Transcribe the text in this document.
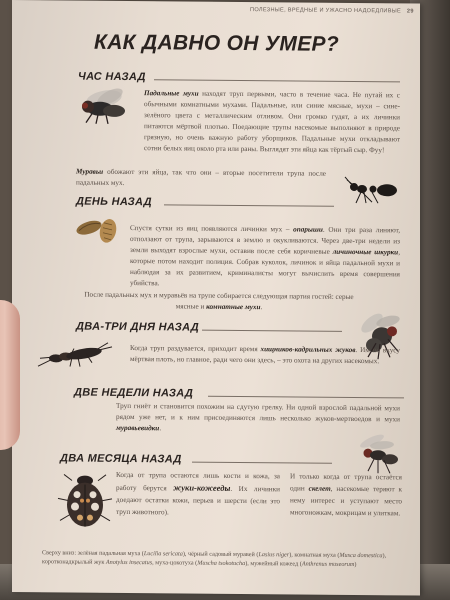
ПОЛЕЗНЫЕ, ВРЕДНЫЕ И УЖАСНО НАДОЕДЛИВЫЕ 29
КАК ДАВНО ОН УМЕР?
ЧАС НАЗАД
Падальные мухи находят труп первыми, часто в течение часа. Не путай их с обычными комнатными мухами. Падальные, или синие мясные, мухи – сине-зелёного цвета с металлическим отливом. Они громко гудят, а их личинки питаются мёртвой плотью. Поедающие трупы насекомые выполняют в природе грязную, но очень важную работу уборщиков. Падальные мухи откладывают сотни белых яиц около рта или раны. Выглядят эти яйца как тёртый сыр. Фуу!
Муравьи обожают эти яйца, так что они – вторые посетители трупа после падальных мух.
ДЕНЬ НАЗАД
Спустя сутки из яиц появляются личинки мух – опарыши. Они три раза линяют, отползают от трупа, зарываются в землю и окукливаются. Через две-три недели из земли выходят взрослые мухи, оставив после себя коричневые личиночные шкурки, которые потом находит полиция. Собрав куколок, личинок и яйца падальной мухи и наблюдая за их развитием, криминалисты могут вычислить время совершения убийства.
После падальных мух и муравьёв на трупе собирается следующая партия гостей: серые мясные и комнатные мухи.
ДВА-ТРИ ДНЯ НАЗАД
Когда труп раздувается, приходит время хищников-кадрильных жуков. Им по вкусу мёртвая плоть, но главное, ради чего они здесь, – это охота на других насекомых.
ДВЕ НЕДЕЛИ НАЗАД
Труп гниёт и становится похожим на сдутую грелку. Ни одной взрослой падальной мухи рядом уже нет, и к ним присоединяются лишь несколько жуков-мертвоедов и мухи муравьевидки.
ДВА МЕСЯЦА НАЗАД
Когда от трупа остаются лишь кости и кожа, за работу берутся жуки-кожееды. Их личинки доедают остатки кожи, перьев и шерсти (если это труп животного).
И только когда от трупа остаётся один скелет, насекомые теряют к нему интерес и уступают место многоножкам, мокрицам и улиткам.
Сверху вниз: зелёная падальная муха (Lucilia sericata), чёрный садовый муравей (Lasius niger), комнатная муха (Musca domestica), коротконадкрылый жук Anotylus insecatus, муха-цокотуха (Muscha tsokotucha), мужейный кожеед (Anthrenus museorum)
